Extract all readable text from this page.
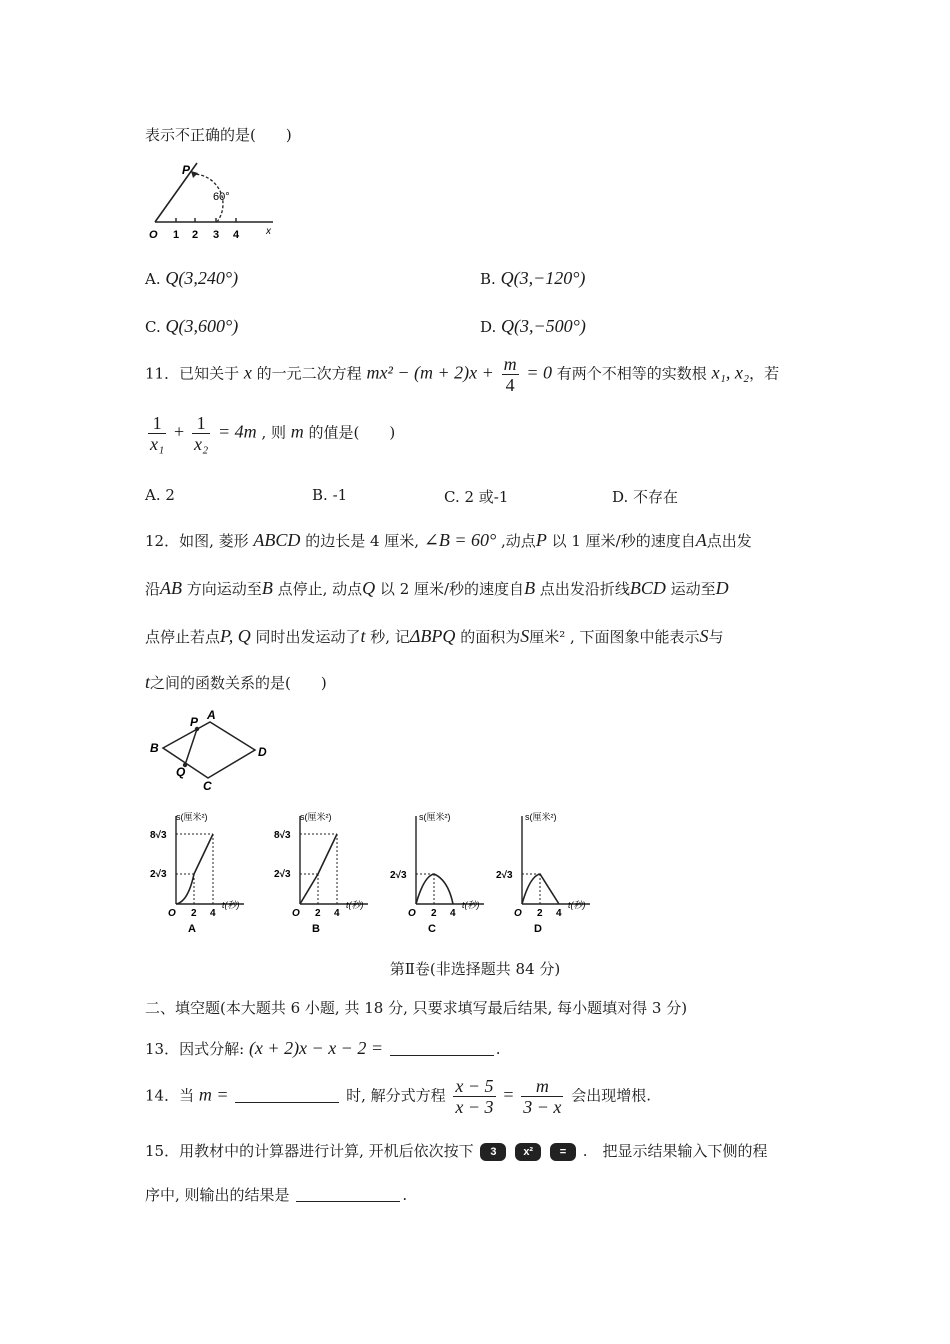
表示不正确的是(　　)
P
60°
O 1 2 3 4	x
A. Q(3,240°)	B. Q(3,−120°)
C. Q(3,600°)	D. Q(3,−500°)
11．已知关于 x 的一元二次方程 $mx^2 - (m + 2)x + \frac{m}{4} = 0$ 有两个不相等的实数根 x₁, x₂，若
$\frac{1}{\text{x₁}} + \frac{1}{\text{x₂}} = 4m$ , 则 m 的值是(　　)
A. 2	B. -1	C. 2 或-1	D. 不存在
12．如图, 菱形 ABCD 的边长是 4 厘米, ∠B = 60° ,动点P 以 1 厘米/秒的速度自A点出发
沿AB 方向运动至B 点停止, 动点Q 以 2 厘米/秒的速度自B 点出发沿折线BCD 运动至D
点停止若点P, Q 同时出发运动了t 秒, 记ΔBPQ 的面积为S厘米² , 下面图象中能表示S与
t之间的函数关系的是(　　)
A
P
B	D
Q
C
s(厘米²)
8√3
2√3
O 2 4
t(秒)
A
s(厘米²)
8√3
2√3
O 2 4
t(秒)
B
s(厘米²)
2√3
O 2 4
t(秒)
C
s(厘米²)
2√3
O 2 4
t(秒)
D
第Ⅱ卷(非选择题共 84 分)
二、填空题(本大题共 6 小题, 共 18 分, 只要求填写最后结果, 每小题填对得 3 分)
13．因式分解: (x + 2)x − x − 2 =	.
14．当 m =	时, 解分式方程 $\frac{x - 5}{x - 3} = \frac{m}{3 - x}$ 会出现增根.
15．用教材中的计算器进行计算, 开机后依次按下 3 x² = .　把显示结果输入下侧的程
序中, 则输出的结果是	.
